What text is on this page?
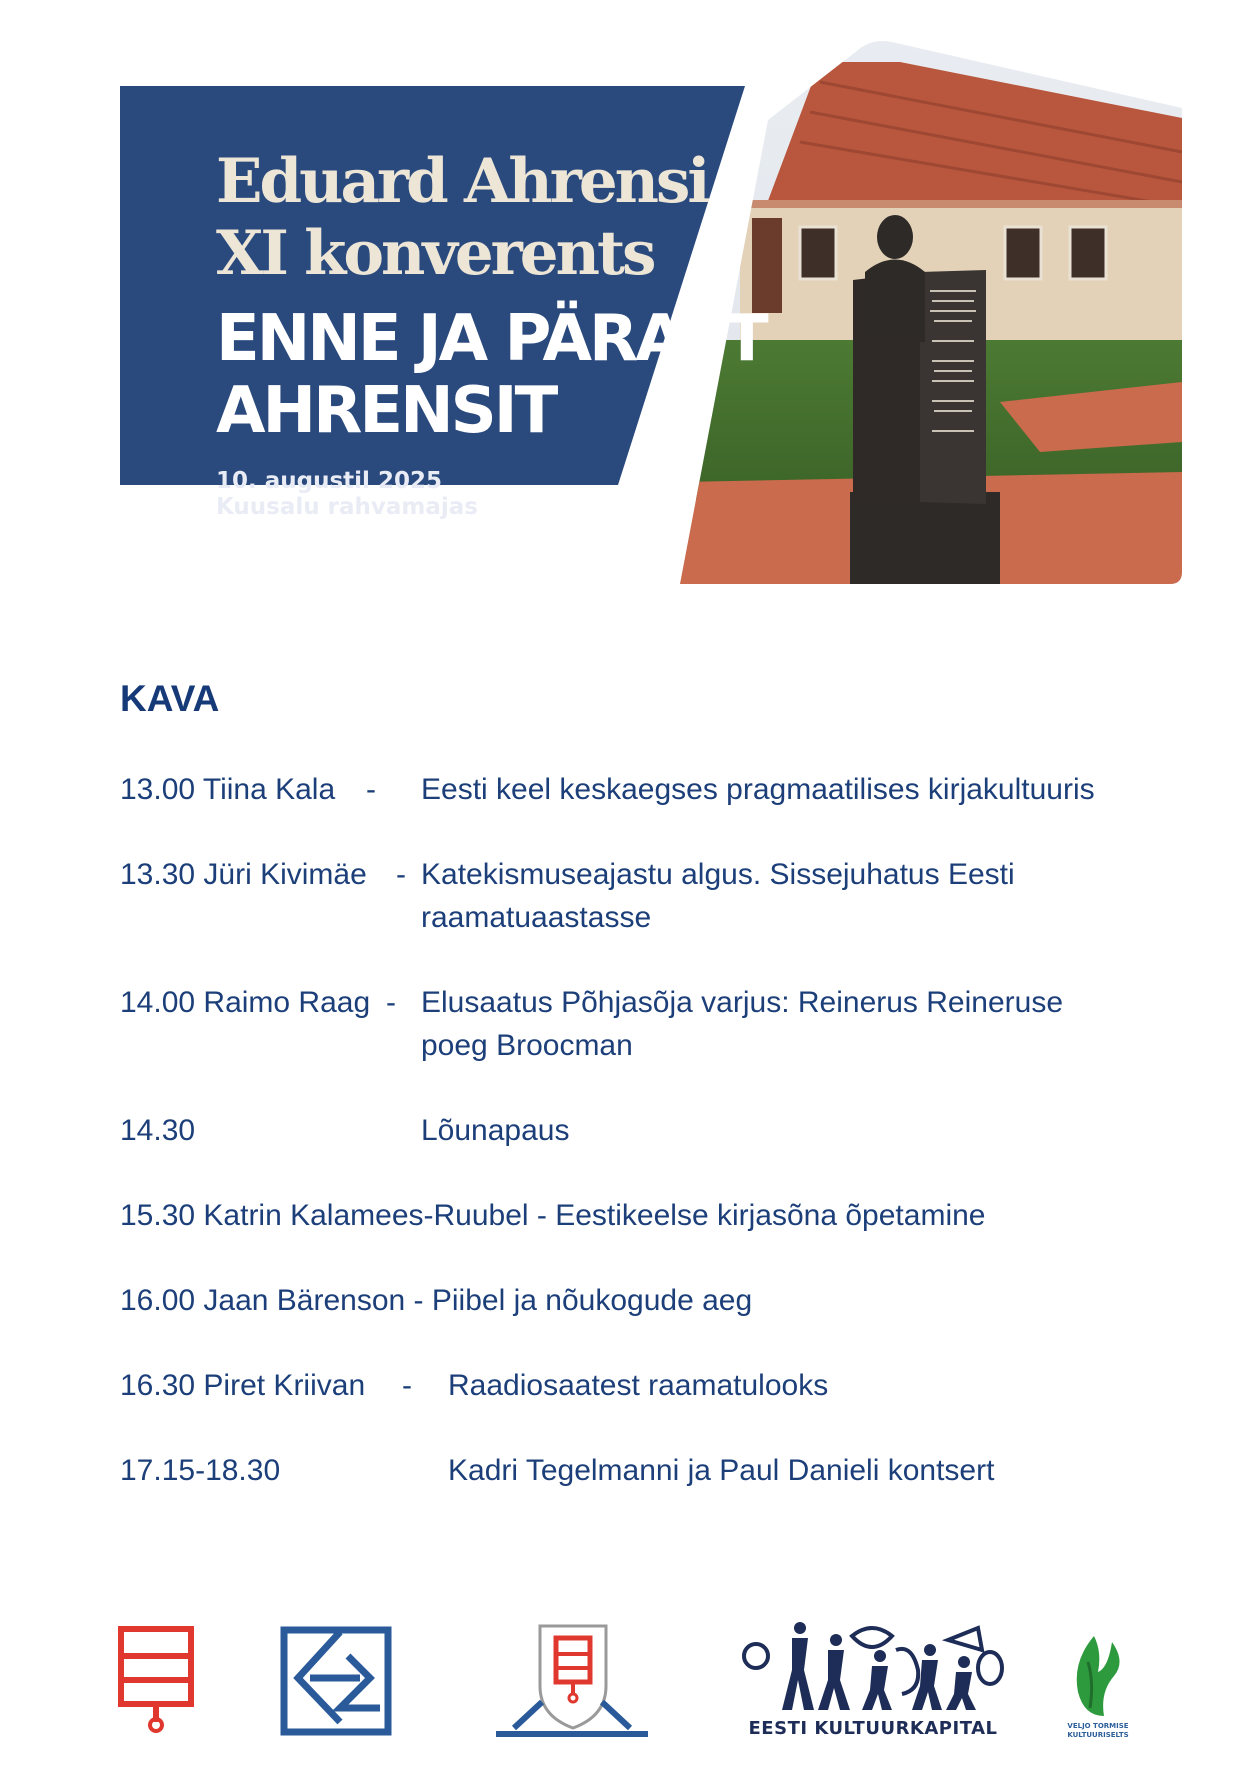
Eduard Ahrensi

XI konverents

ENNE JA PÄRAST

AHRENSIT

10. augustil 2025

Kuusalu rahvamajas

KAVA
13.00 Tiina Kala - Eesti keel keskaegses pragmaatilises kirjakultuuris
13.30 Jüri Kivimäe - Katekismuseajastu algus. Sissejuhatus Eesti raamatuaastasse
14.00 Raimo Raag - Elusaatus Põhjasõja varjus: Reinerus Reineruse poeg Broocman
14.30	Lõunapaus
15.30 Katrin Kalamees-Ruubel - Eestikeelse kirjasõna õpetamine
16.00 Jaan Bärenson - Piibel ja nõukogude aeg
16.30 Piret Kriivan - Raadiosaatest raamatulooks
17.15-18.30	Kadri Tegelmanni ja Paul Danieli kontsert
EESTI KULTUURKAPITAL	VELJO TORMISE KULTUURISELTS
